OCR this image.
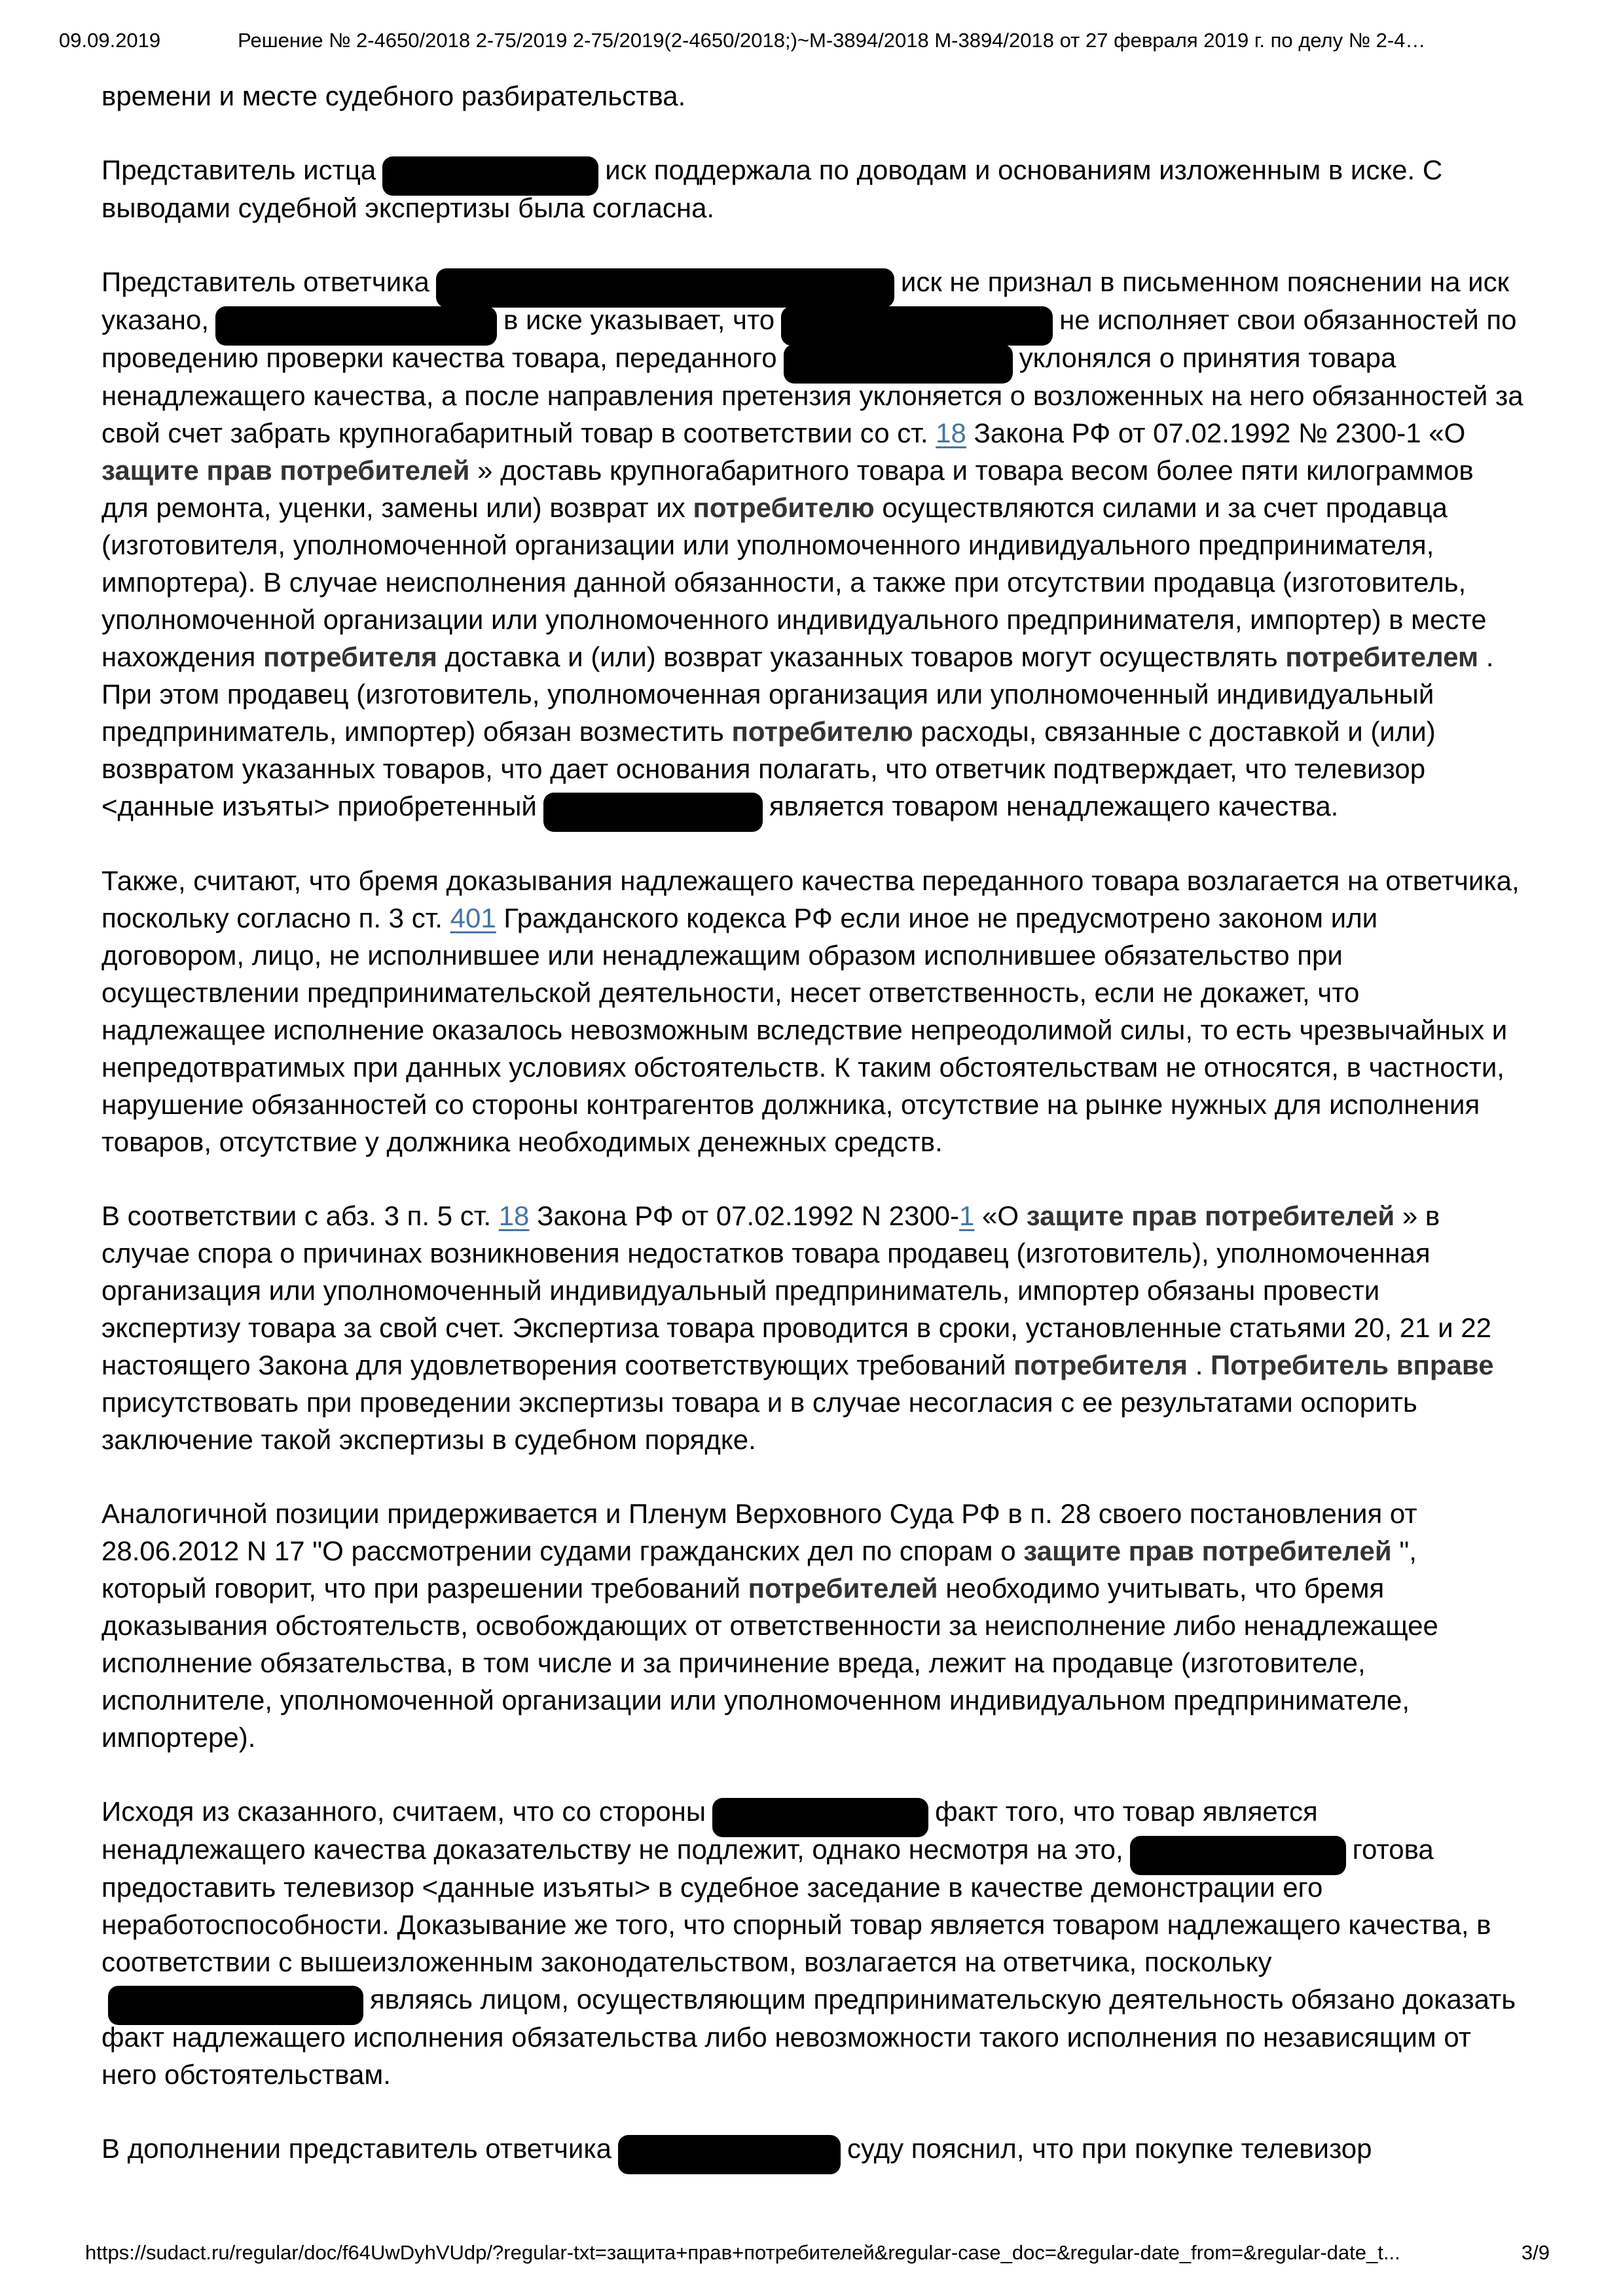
09.09.2019	Решение № 2-4650/2018 2-75/2019 2-75/2019(2-4650/2018;)~М-3894/2018 М-3894/2018 от 27 февраля 2019 г. по делу № 2-4…

времени и месте судебного разбирательства.

Представитель истца	иск поддержала по доводам и основаниям изложенным в иске. С выводами судебной экспертизы была согласна.

Представитель ответчика	иск не признал в письменном пояснении на иск указано,	в иске указывает, что	не исполняет свои обязанностей по проведению проверки качества товара, переданного	уклонялся о принятия товара ненадлежащего качества, а после направления претензия уклоняется о возложенных на него обязанностей за свой счет забрать крупногабаритный товар в соответствии со ст. 18 Закона РФ от 07.02.1992 № 2300-1 «О защите прав потребителей » доставь крупногабаритного товара и товара весом более пяти килограммов для ремонта, уценки, замены или) возврат их потребителю осуществляются силами и за счет продавца (изготовителя, уполномоченной организации или уполномоченного индивидуального предпринимателя, импортера). В случае неисполнения данной обязанности, а также при отсутствии продавца (изготовитель, уполномоченной организации или уполномоченного индивидуального предпринимателя, импортер) в месте нахождения потребителя доставка и (или) возврат указанных товаров могут осуществлять потребителем . При этом продавец (изготовитель, уполномоченная организация или уполномоченный индивидуальный предприниматель, импортер) обязан возместить потребителю расходы, связанные с доставкой и (или) возвратом указанных товаров, что дает основания полагать, что ответчик подтверждает, что телевизор <данные изъяты> приобретенный	является товаром ненадлежащего качества.

Также, считают, что бремя доказывания надлежащего качества переданного товара возлагается на ответчика, поскольку согласно п. 3 ст. 401 Гражданского кодекса РФ если иное не предусмотрено законом или договором, лицо, не исполнившее или ненадлежащим образом исполнившее обязательство при осуществлении предпринимательской деятельности, несет ответственность, если не докажет, что надлежащее исполнение оказалось невозможным вследствие непреодолимой силы, то есть чрезвычайных и непредотвратимых при данных условиях обстоятельств. К таким обстоятельствам не относятся, в частности, нарушение обязанностей со стороны контрагентов должника, отсутствие на рынке нужных для исполнения товаров, отсутствие у должника необходимых денежных средств.

В соответствии с абз. 3 п. 5 ст. 18 Закона РФ от 07.02.1992 N 2300-1 «О защите прав потребителей » в случае спора о причинах возникновения недостатков товара продавец (изготовитель), уполномоченная организация или уполномоченный индивидуальный предприниматель, импортер обязаны провести экспертизу товара за свой счет. Экспертиза товара проводится в сроки, установленные статьями 20, 21 и 22 настоящего Закона для удовлетворения соответствующих требований потребителя . Потребитель вправе присутствовать при проведении экспертизы товара и в случае несогласия с ее результатами оспорить заключение такой экспертизы в судебном порядке.

Аналогичной позиции придерживается и Пленум Верховного Суда РФ в п. 28 своего постановления от 28.06.2012 N 17 "О рассмотрении судами гражданских дел по спорам о защите прав потребителей ", который говорит, что при разрешении требований потребителей необходимо учитывать, что бремя доказывания обстоятельств, освобождающих от ответственности за неисполнение либо ненадлежащее исполнение обязательства, в том числе и за причинение вреда, лежит на продавце (изготовителе, исполнителе, уполномоченной организации или уполномоченном индивидуальном предпринимателе, импортере).

Исходя из сказанного, считаем, что со стороны	факт того, что товар является ненадлежащего качества доказательству не подлежит, однако несмотря на это,	готова предоставить телевизор <данные изъяты> в судебное заседание в качестве демонстрации его неработоспособности. Доказывание же того, что спорный товар является товаром надлежащего качества, в соответствии с вышеизложенным законодательством, возлагается на ответчика, посколькуявляясь лицом, осуществляющим предпринимательскую деятельность обязано доказать факт надлежащего исполнения обязательства либо невозможности такого исполнения по независящим от него обстоятельствам.

В дополнении представитель ответчика	суду пояснил, что при покупке телевизор

https://sudact.ru/regular/doc/f64UwDyhVUdp/?regular-txt=защита+прав+потребителей&regular-case_doc=&regular-date_from=&regular-date_t...	3/9
